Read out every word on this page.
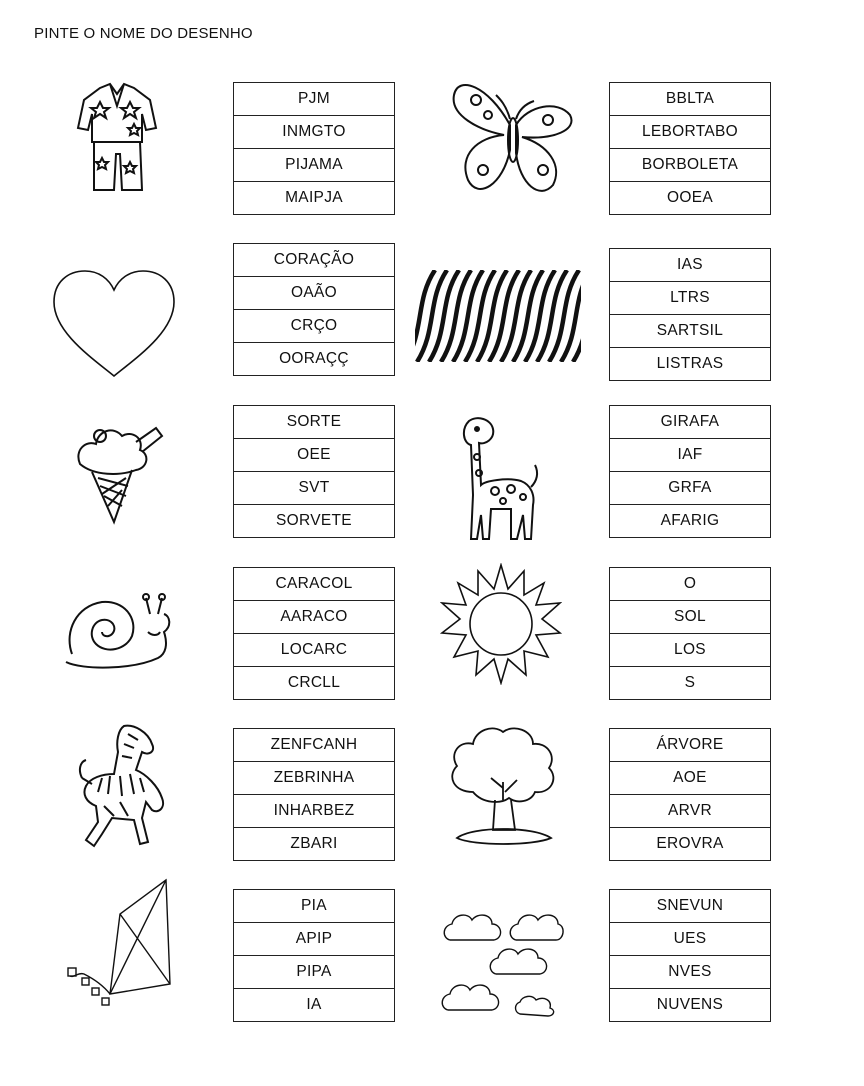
PINTE O NOME DO DESENHO
PJM
INMGTO
PIJAMA
MAIPJA
BBLTA
LEBORTABO
BORBOLETA
OOEA
CORAÇÃO
OAÃO
CRÇO
OORAÇÇ
IAS
LTRS
SARTSIL
LISTRAS
SORTE
OEE
SVT
SORVETE
GIRAFA
IAF
GRFA
AFARIG
CARACOL
AARACO
LOCARC
CRCLL
O
SOL
LOS
S
ZENFCANH
ZEBRINHA
INHARBEZ
ZBARI
ÁRVORE
AOE
ARVR
EROVRA
PIA
APIP
PIPA
IA
SNEVUN
UES
NVES
NUVENS
